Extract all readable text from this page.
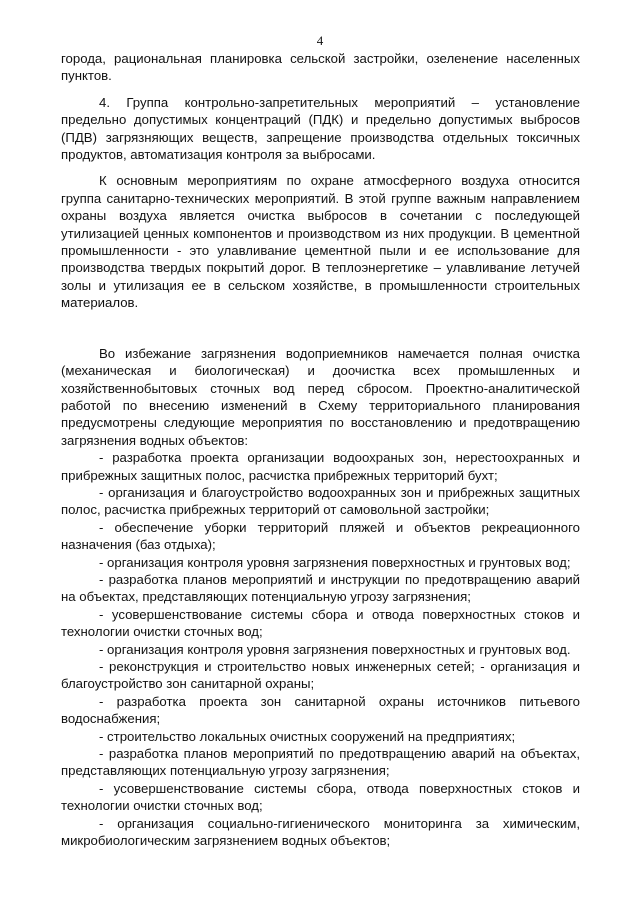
4

города, рациональная планировка сельской застройки, озеленение населенных пунктов.

4. Группа контрольно-запретительных мероприятий – установление предельно допустимых концентраций (ПДК) и предельно допустимых выбросов (ПДВ) загрязняющих веществ, запрещение производства отдельных токсичных продуктов, автоматизация контроля за выбросами.

К основным мероприятиям по охране атмосферного воздуха относится группа санитарно-технических мероприятий. В этой группе важным направлением охраны воздуха является очистка выбросов в сочетании с последующей утилизацией ценных компонентов и производством из них продукции. В цементной промышленности - это улавливание цементной пыли и ее использование для производства твердых покрытий дорог. В теплоэнергетике – улавливание летучей золы и утилизация ее в сельском хозяйстве, в промышленности строительных материалов.

Во избежание загрязнения водоприемников намечается полная очистка (механическая и биологическая) и доочистка всех промышленных и хозяйственнобытовых сточных вод перед сбросом. Проектно-аналитической работой по внесению изменений в Схему территориального планирования предусмотрены следующие мероприятия по восстановлению и предотвращению загрязнения водных объектов:

- разработка проекта организации водоохраных зон, нерестоохранных и прибрежных защитных полос, расчистка прибрежных территорий бухт;

- организация и благоустройство водоохранных зон и прибрежных защитных полос, расчистка прибрежных территорий от самовольной застройки;

- обеспечение уборки территорий пляжей и объектов рекреационного назначения (баз отдыха);

- организация контроля уровня загрязнения поверхностных и грунтовых вод;

- разработка планов мероприятий и инструкции по предотвращению аварий на объектах, представляющих потенциальную угрозу загрязнения;

- усовершенствование системы сбора и отвода поверхностных стоков и технологии очистки сточных вод;

- организация контроля уровня загрязнения поверхностных и грунтовых вод.

- реконструкция и строительство новых инженерных сетей; - организация и благоустройство зон санитарной охраны;

- разработка проекта зон санитарной охраны источников питьевого водоснабжения;

- строительство локальных очистных сооружений на предприятиях;

- разработка планов мероприятий по предотвращению аварий на объектах, представляющих потенциальную угрозу загрязнения;

- усовершенствование системы сбора, отвода поверхностных стоков и технологии очистки сточных вод;

- организация социально-гигиенического мониторинга за химическим, микробиологическим загрязнением водных объектов;
